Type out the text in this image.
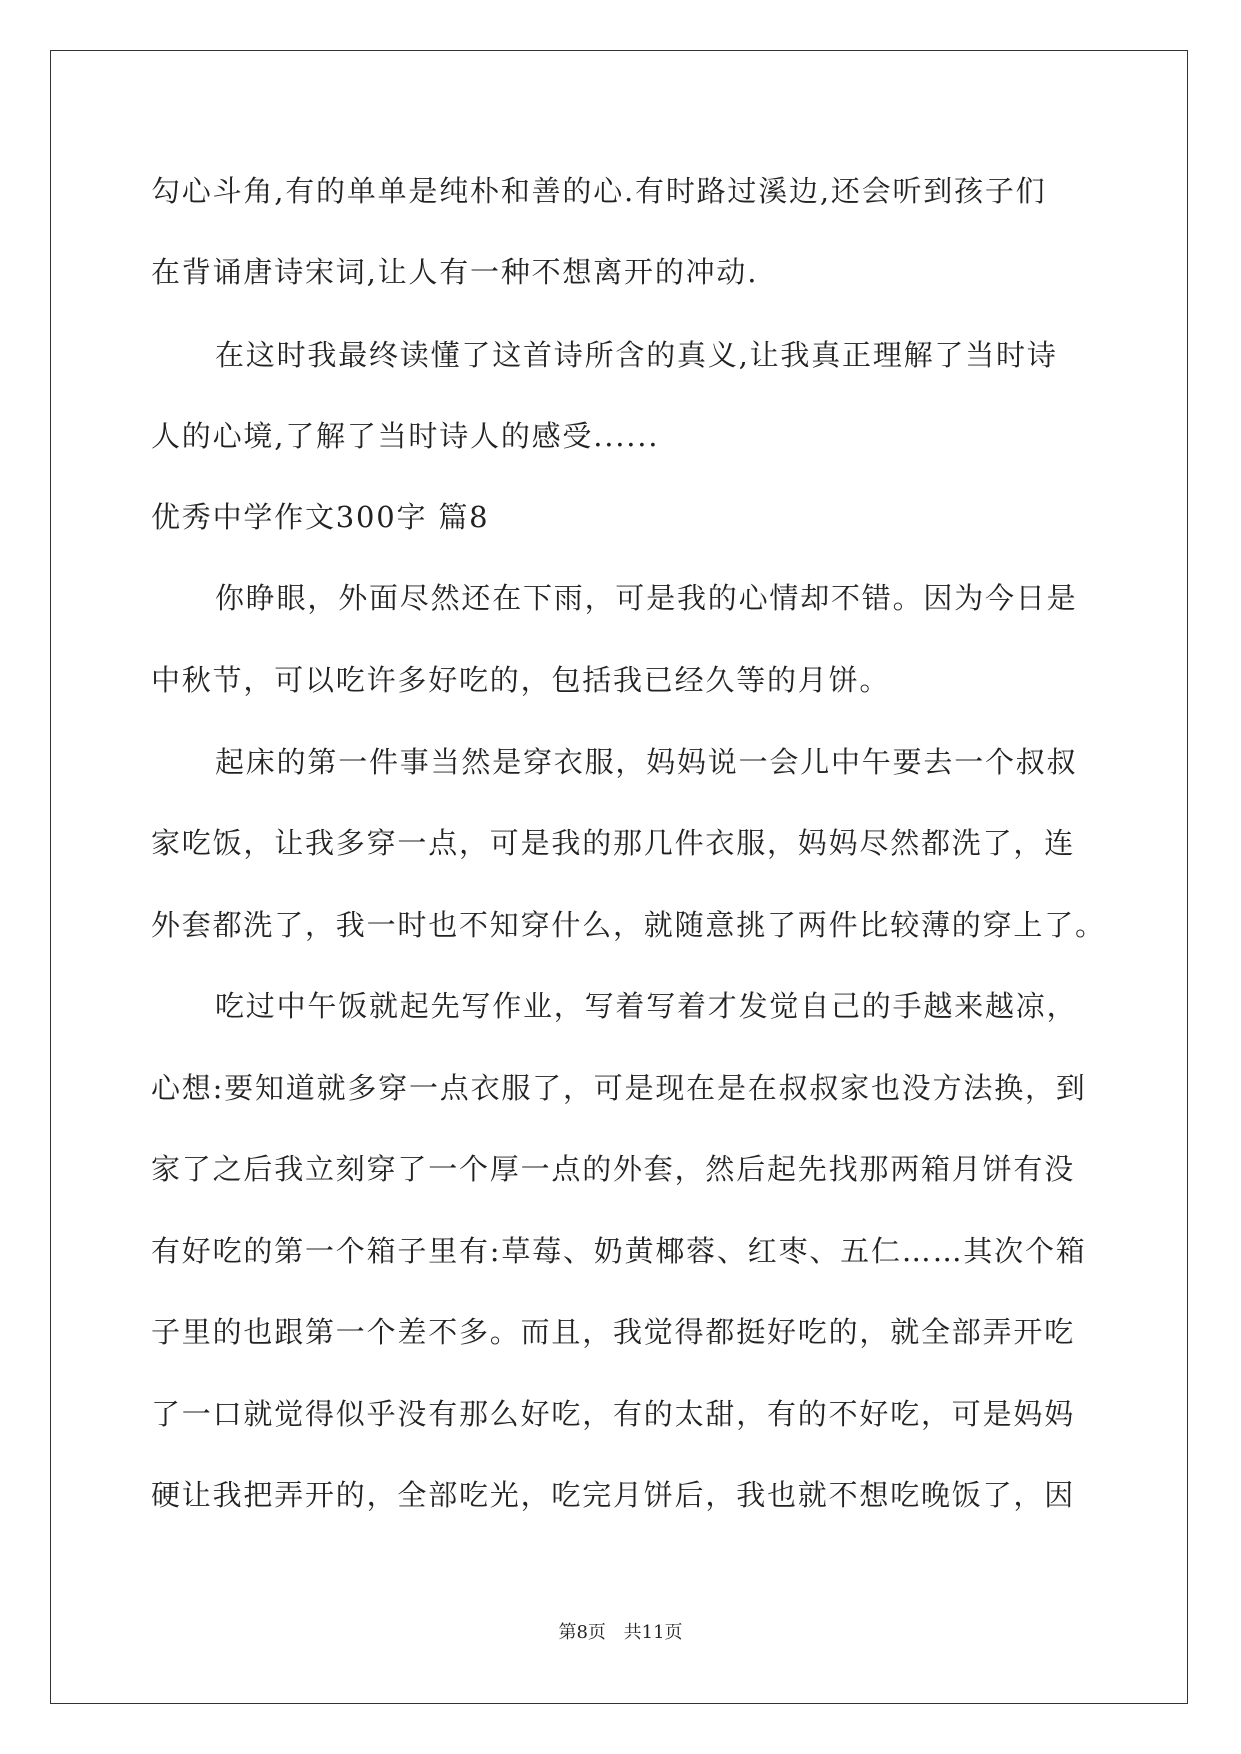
勾心斗角,有的单单是纯朴和善的心.有时路过溪边,还会听到孩子们
在背诵唐诗宋词,让人有一种不想离开的冲动.
在这时我最终读懂了这首诗所含的真义,让我真正理解了当时诗
人的心境,了解了当时诗人的感受......
优秀中学作文300字 篇8
你睁眼，外面尽然还在下雨，可是我的心情却不错。因为今日是
中秋节，可以吃许多好吃的，包括我已经久等的月饼。
起床的第一件事当然是穿衣服，妈妈说一会儿中午要去一个叔叔
家吃饭，让我多穿一点，可是我的那几件衣服，妈妈尽然都洗了，连
外套都洗了，我一时也不知穿什么，就随意挑了两件比较薄的穿上了。
吃过中午饭就起先写作业，写着写着才发觉自己的手越来越凉，
心想:要知道就多穿一点衣服了，可是现在是在叔叔家也没方法换，到
家了之后我立刻穿了一个厚一点的外套，然后起先找那两箱月饼有没
有好吃的第一个箱子里有:草莓、奶黄椰蓉、红枣、五仁……其次个箱
子里的也跟第一个差不多。而且，我觉得都挺好吃的，就全部弄开吃
了一口就觉得似乎没有那么好吃，有的太甜，有的不好吃，可是妈妈
硬让我把弄开的，全部吃光，吃完月饼后，我也就不想吃晚饭了，因
第8页 共11页
